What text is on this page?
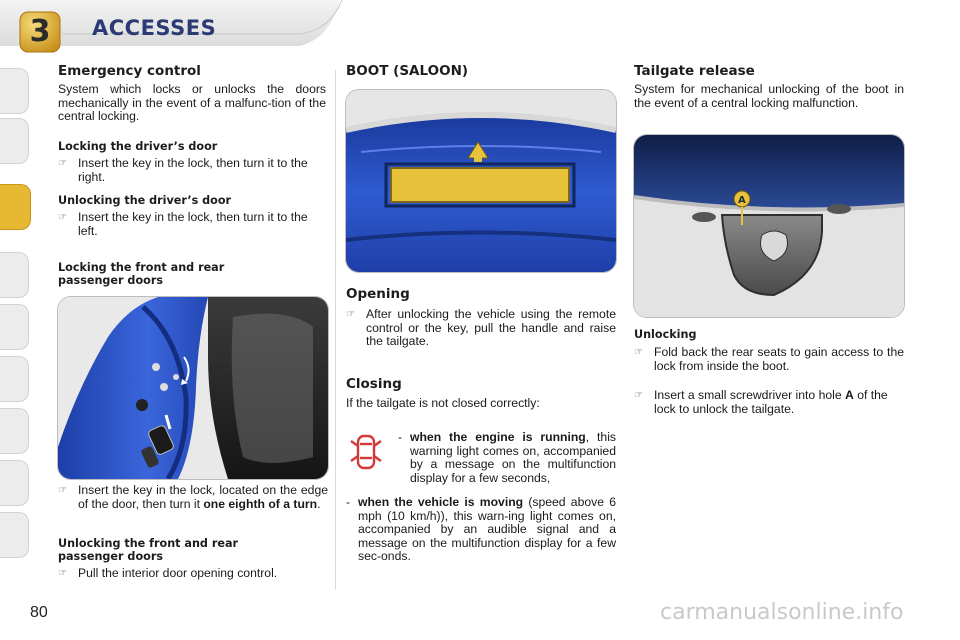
3	ACCESSES
Emergency control

System which locks or unlocks the doors mechanically in the event of a malfunc-tion of the central locking.

Locking the driver’s door
☞ Insert the key in the lock, then turn it to the right.
Unlocking the driver’s door
☞ Insert the key in the lock, then turn it to the left.
Locking the front and rear passenger doors
☞ Insert the key in the lock, located on the edge of the door, then turn it one eighth of a turn.
Unlocking the front and rear passenger doors
☞ Pull the interior door opening control.
BOOT (SALOON)
Opening
☞ After unlocking the vehicle using the remote control or the key, pull the handle and raise the tailgate.
Closing

If the tailgate is not closed correctly:

- when the engine is running, this warning light comes on, accompanied by a message on the multifunction display for a few seconds,
- when the vehicle is moving (speed above 6 mph (10 km/h)), this warn-ing light comes on, accompanied by an audible signal and a message on the multifunction display for a few sec-onds.
Tailgate release

System for mechanical unlocking of the boot in the event of a central locking malfunction.

A
Unlocking
☞ Fold back the rear seats to gain access to the lock from inside the boot.
☞ Insert a small screwdriver into hole A of the lock to unlock the tailgate.
80	carmanualsonline.info
